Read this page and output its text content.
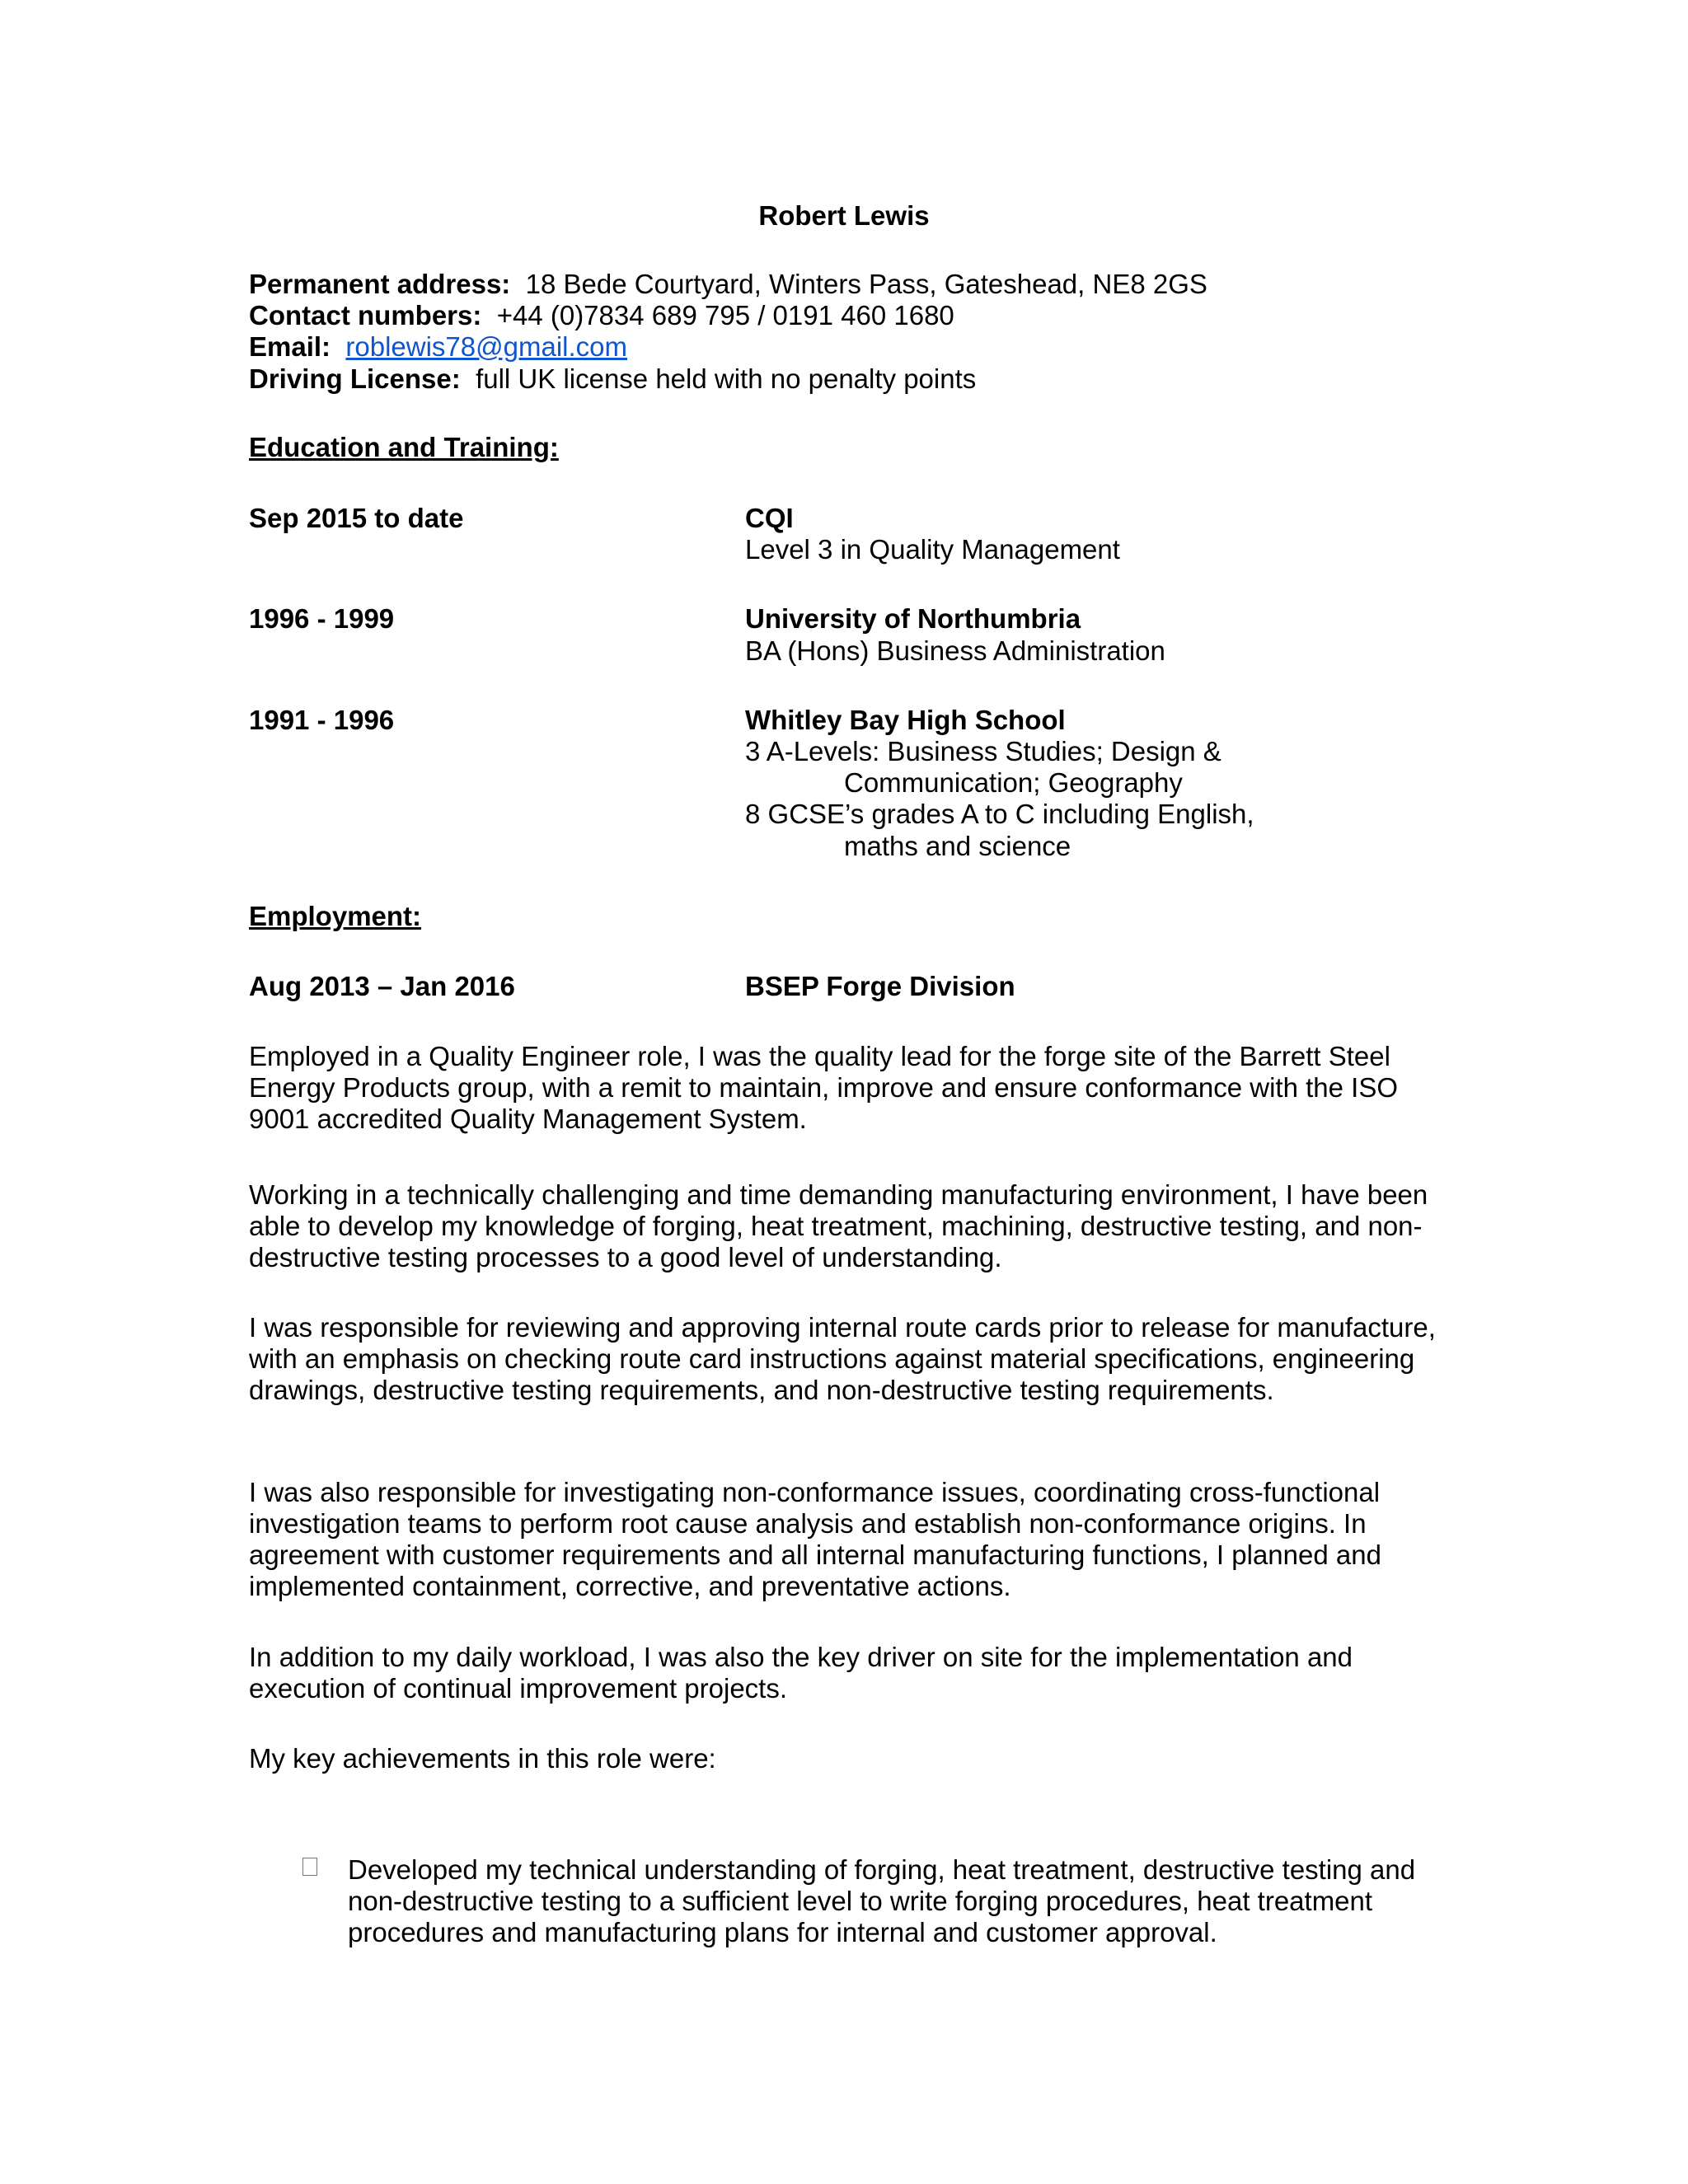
Robert Lewis
Permanent address: 18 Bede Courtyard, Winters Pass, Gateshead, NE8 2GS
Contact numbers: +44 (0)7834 689 795 / 0191 460 1680
Email: roblewis78@gmail.com
Driving License: full UK license held with no penalty points
Education and Training:
Sep 2015 to date	CQI
Level 3 in Quality Management
1996 - 1999	University of Northumbria
BA (Hons) Business Administration
1991 - 1996	Whitley Bay High School
3 A-Levels: Business Studies; Design &
Communication; Geography
8 GCSE’s grades A to C including English,
maths and science
Employment:
Aug 2013 – Jan 2016	BSEP Forge Division

Employed in a Quality Engineer role, I was the quality lead for the forge site of the Barrett Steel Energy Products group, with a remit to maintain, improve and ensure conformance with the ISO 9001 accredited Quality Management System.

Working in a technically challenging and time demanding manufacturing environment, I have been able to develop my knowledge of forging, heat treatment, machining, destructive testing, and non-destructive testing processes to a good level of understanding.

I was responsible for reviewing and approving internal route cards prior to release for manufacture, with an emphasis on checking route card instructions against material specifications, engineering drawings, destructive testing requirements, and non-destructive testing requirements.

I was also responsible for investigating non-conformance issues, coordinating cross-functional investigation teams to perform root cause analysis and establish non-conformance origins. In agreement with customer requirements and all internal manufacturing functions, I planned and implemented containment, corrective, and preventative actions.

In addition to my daily workload, I was also the key driver on site for the implementation and execution of continual improvement projects.

My key achievements in this role were:

Developed my technical understanding of forging, heat treatment, destructive testing and non-destructive testing to a sufficient level to write forging procedures, heat treatment procedures and manufacturing plans for internal and customer approval.
